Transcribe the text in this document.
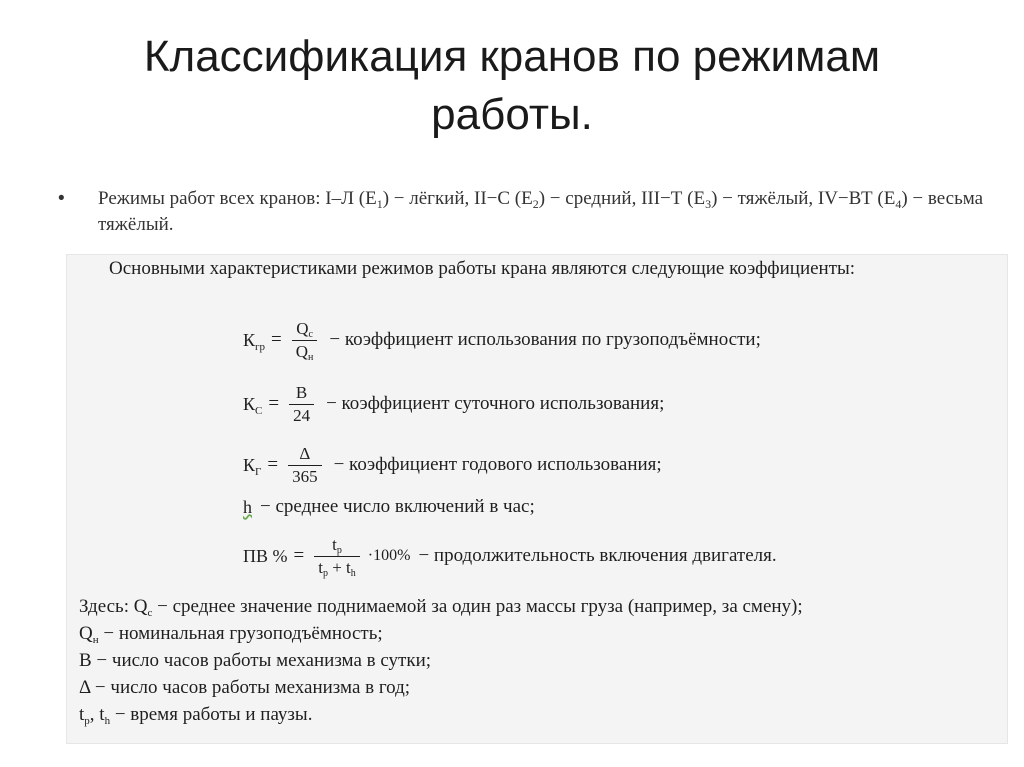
Классификация кранов по режимам
работы.
• Режимы работ всех кранов: I–Л $(Е_1)$ − лёгкий, II−С $(Е_2)$ − средний, III−Т $(Е_3)$ − тяжёлый, IV−ВТ $(Е_4)$ − весьма тяжёлый.
Основными характеристиками режимов работы крана являются следующие коэффициенты:
$К_{гр} = \frac{Q_с}{Q_н}$ − коэффициент использования по грузоподъёмности;
$К_С = \frac{В}{24}$ − коэффициент суточного использования;
$К_Г = \frac{\Delta}{365}$ − коэффициент годового использования;
h − среднее число включений в час;
ПВ % = $\frac{t_р}{t_р + t_h} \cdot 100\%$ − продолжительность включения двигателя.
Здесь: $Q_с$ − среднее значение поднимаемой за один раз массы груза (например, за смену);
$Q_н$ − номинальная грузоподъёмность;
В − число часов работы механизма в сутки;
Δ − число часов работы механизма в год;
$t_р$, $t_h$ − время работы и паузы.
